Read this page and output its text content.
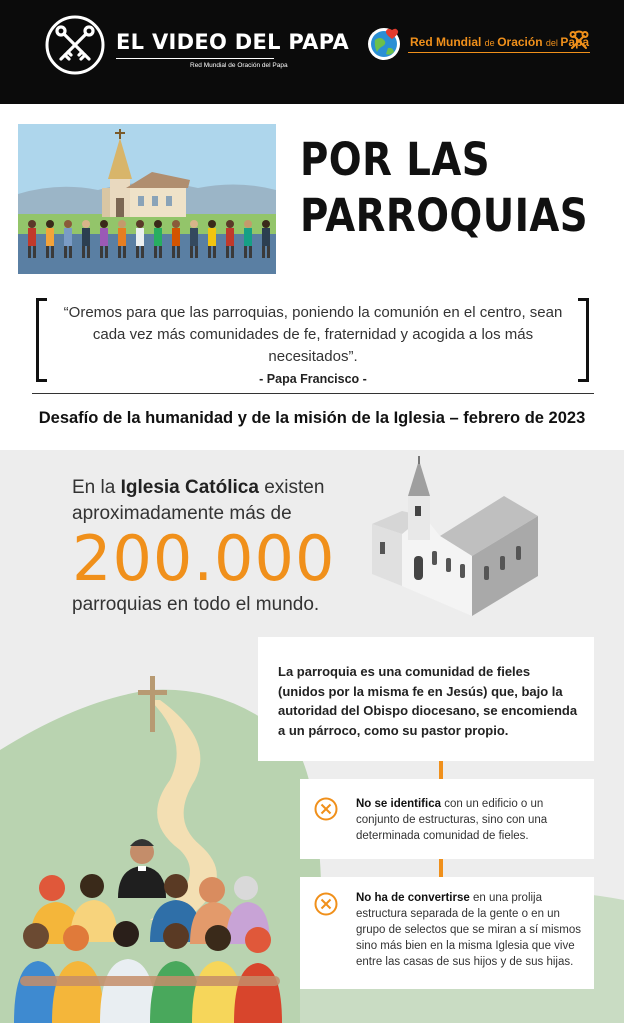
EL VIDEO DEL PAPA
Red Mundial de Oración del Papa
Red Mundial de Oración del Papa
POR LAS
PARROQUIAS
“Oremos para que las parroquias, poniendo la comunión en el centro, sean cada vez más comunidades de fe, fraternidad y acogida a los más necesitados”.
- Papa Francisco -
Desafío de la humanidad y de la misión de la Iglesia – febrero de 2023
En la Iglesia Católica existen aproximadamente más de
200.000
parroquias en todo el mundo.

La parroquia es una comunidad de fieles (unidos por la misma fe en Jesús) que, bajo la autoridad del Obispo diocesano, se encomienda a un párroco, como su pastor propio.

No se identifica con un edificio o un conjunto de estructuras, sino con una determinada comunidad de fieles.
No ha de convertirse en una prolija estructura separada de la gente o en un grupo de selectos que se miran a sí mismos sino más bien en la misma Iglesia que vive entre las casas de sus hijos y de sus hijas.
